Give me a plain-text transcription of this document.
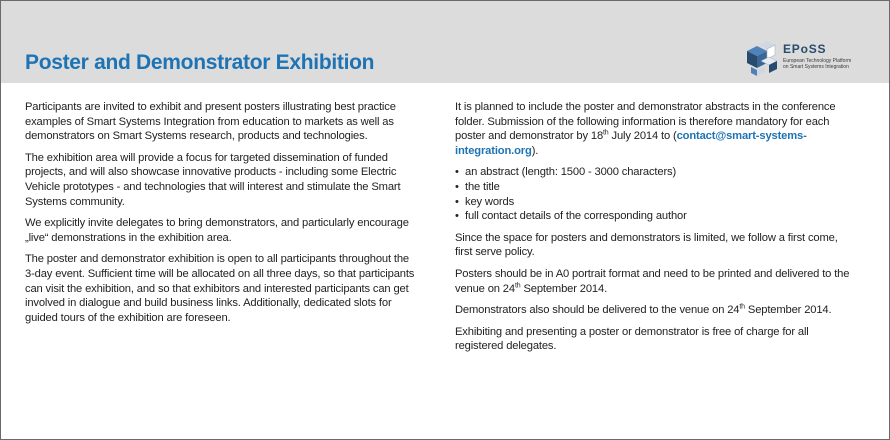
Poster and Demonstrator Exhibition
EPoSS
European Technology Platform
on Smart Systems Integration

Participants are invited to exhibit and present posters illustrating best practice examples of Smart Systems Integration from education to markets as well as demonstrators on Smart Systems research, products and technologies.

The exhibition area will provide a focus for targeted dissemination of funded projects, and will also showcase innovative products - including some Electric Vehicle prototypes - and technologies that will interest and stimulate the Smart Systems community.

We explicitly invite delegates to bring demonstrators, and particularly encourage „live“ demonstrations in the exhibition area.

The poster and demonstrator exhibition is open to all participants throughout the 3-day event. Sufficient time will be allocated on all three days, so that participants can visit the exhibition, and so that exhibitors and interested participants can get involved in dialogue and build business links. Additionally, dedicated slots for guided tours of the exhibition are foreseen.

It is planned to include the poster and demonstrator abstracts in the conference folder. Submission of the following information is therefore mandatory for each poster and demonstrator by 18th July 2014 to (contact@smart-systems-integration.org).

• an abstract (length: 1500 - 3000 characters)
• the title
• key words
• full contact details of the corresponding author

Since the space for posters and demonstrators is limited, we follow a first come, first serve policy.

Posters should be in A0 portrait format and need to be printed and delivered to the venue on 24th September 2014.

Demonstrators also should be delivered to the venue on 24th September 2014.

Exhibiting and presenting a poster or demonstrator is free of charge for all registered delegates.
